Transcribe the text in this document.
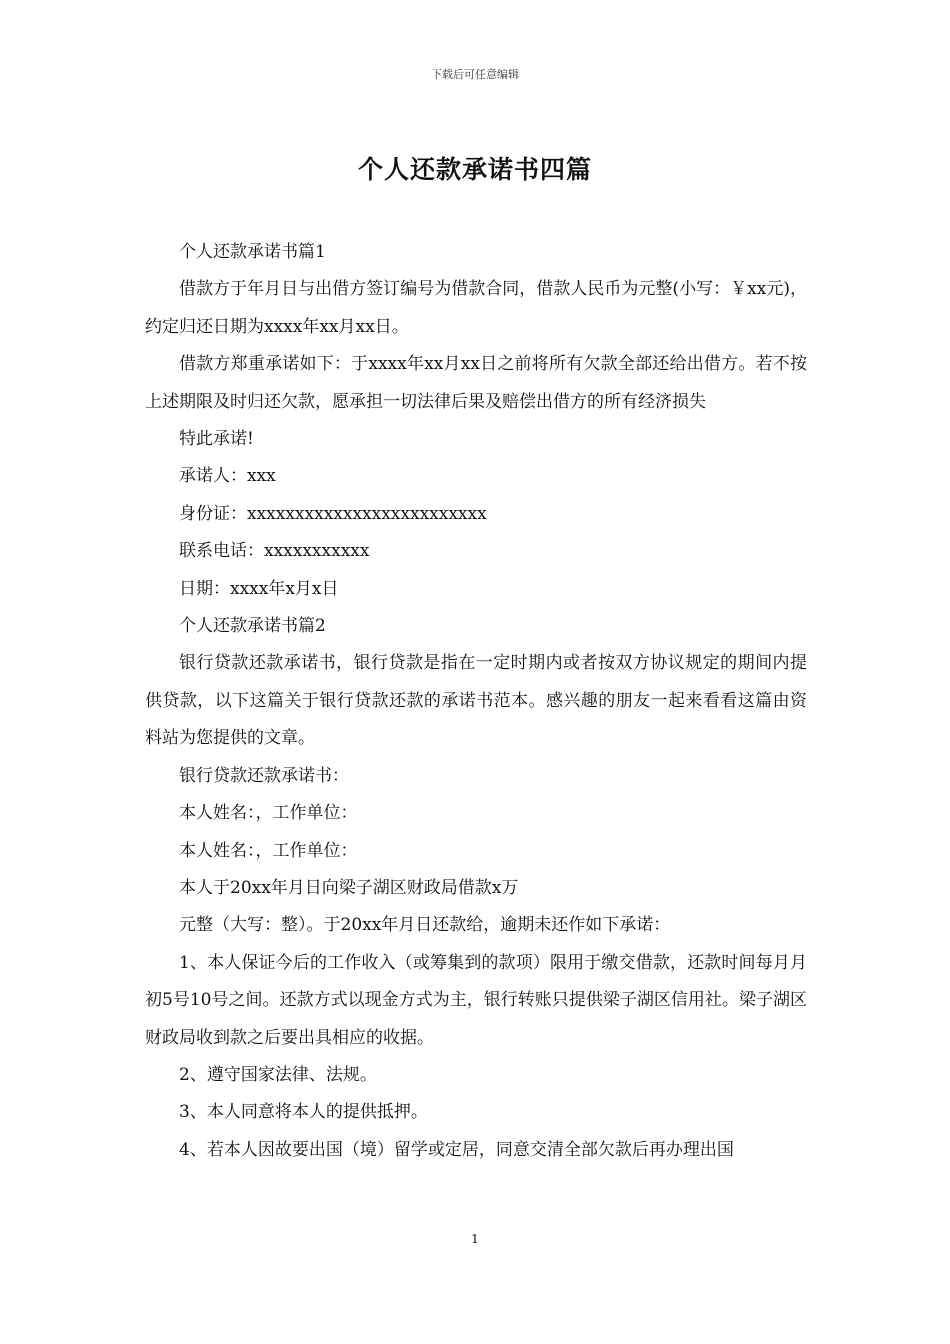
下载后可任意编辑
个人还款承诺书四篇

个人还款承诺书篇1

借款方于年月日与出借方签订编号为借款合同，借款人民币为元整(小写：￥xx元)，约定归还日期为xxxx年xx月xx日。

借款方郑重承诺如下：于xxxx年xx月xx日之前将所有欠款全部还给出借方。若不按上述期限及时归还欠款，愿承担一切法律后果及赔偿出借方的所有经济损失

特此承诺!

承诺人：xxx

身份证：xxxxxxxxxxxxxxxxxxxxxxxxx

联系电话：xxxxxxxxxxx

日期：xxxx年x月x日

个人还款承诺书篇2

银行贷款还款承诺书，银行贷款是指在一定时期内或者按双方协议规定的期间内提供贷款，以下这篇关于银行贷款还款的承诺书范本。感兴趣的朋友一起来看看这篇由资料站为您提供的文章。

银行贷款还款承诺书：

本人姓名：，工作单位：

本人姓名：，工作单位：

本人于20xx年月日向梁子湖区财政局借款x万

元整（大写：整）。于20xx年月日还款给，逾期未还作如下承诺：

1、本人保证今后的工作收入（或筹集到的款项）限用于缴交借款，还款时间每月月初5号10号之间。还款方式以现金方式为主，银行转账只提供梁子湖区信用社。梁子湖区财政局收到款之后要出具相应的收据。

2、遵守国家法律、法规。

3、本人同意将本人的提供抵押。

4、若本人因故要出国（境）留学或定居，同意交清全部欠款后再办理出国

1
